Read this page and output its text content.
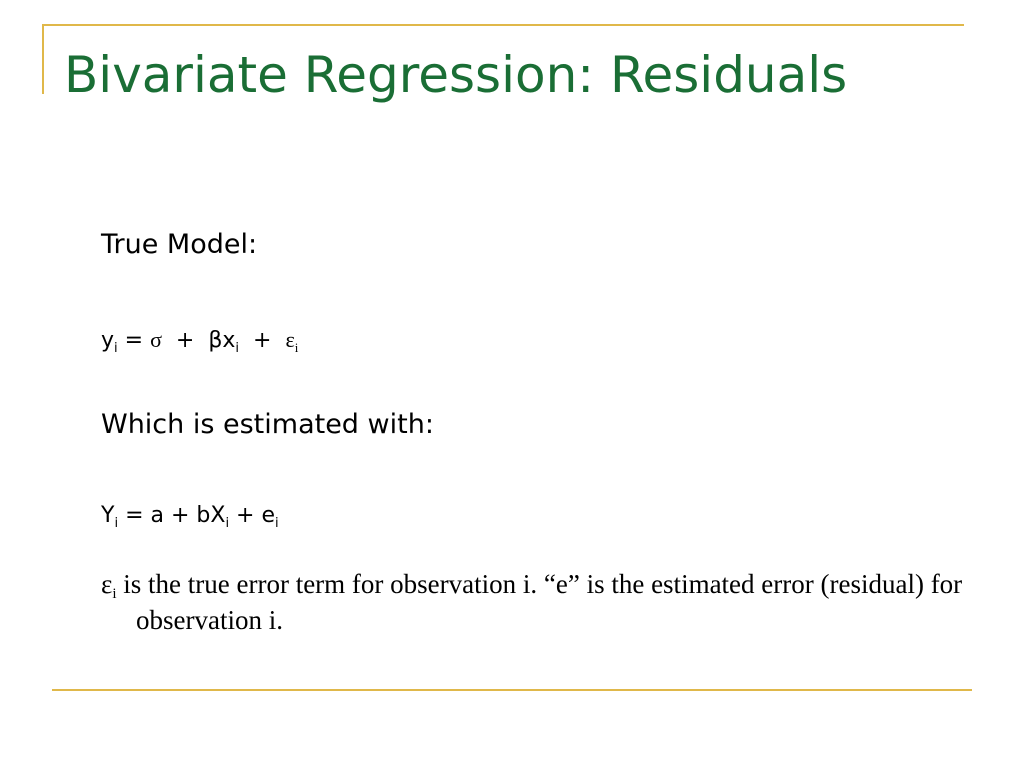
Bivariate Regression: Residuals

True Model:

$y_i = \sigma + \beta x_i + \varepsilon_i$

Which is estimated with:

$Y_i = a + bX_i + e_i$

$\varepsilon_i$ is the true error term for observation i. “e” is the estimated error (residual) for observation i.
